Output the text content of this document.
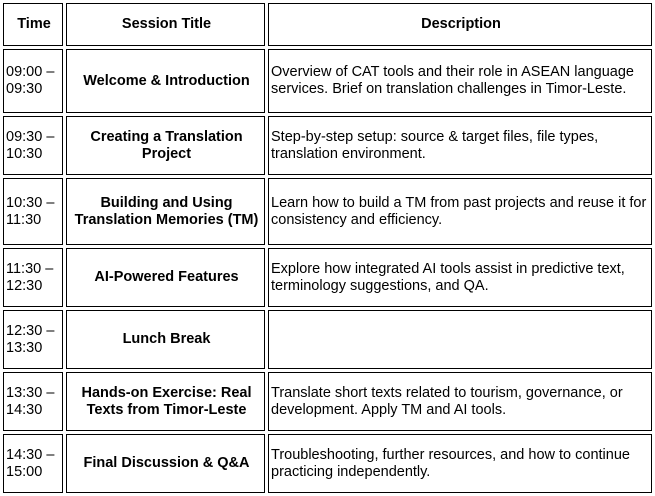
Time	Session Title	Description
09:00 – 09:30	Welcome & Introduction	Overview of CAT tools and their role in ASEAN language services. Brief on translation challenges in Timor-Leste.
09:30 – 10:30	Creating a Translation Project	Step-by-step setup: source & target files, file types, translation environment.
10:30 – 11:30	Building and Using Translation Memories (TM)	Learn how to build a TM from past projects and reuse it for consistency and efficiency.
11:30 – 12:30	AI-Powered Features	Explore how integrated AI tools assist in predictive text, terminology suggestions, and QA.
12:30 – 13:30	Lunch Break	
13:30 – 14:30	Hands-on Exercise: Real Texts from Timor-Leste	Translate short texts related to tourism, governance, or development. Apply TM and AI tools.
14:30 – 15:00	Final Discussion & Q&A	Troubleshooting, further resources, and how to continue practicing independently.
